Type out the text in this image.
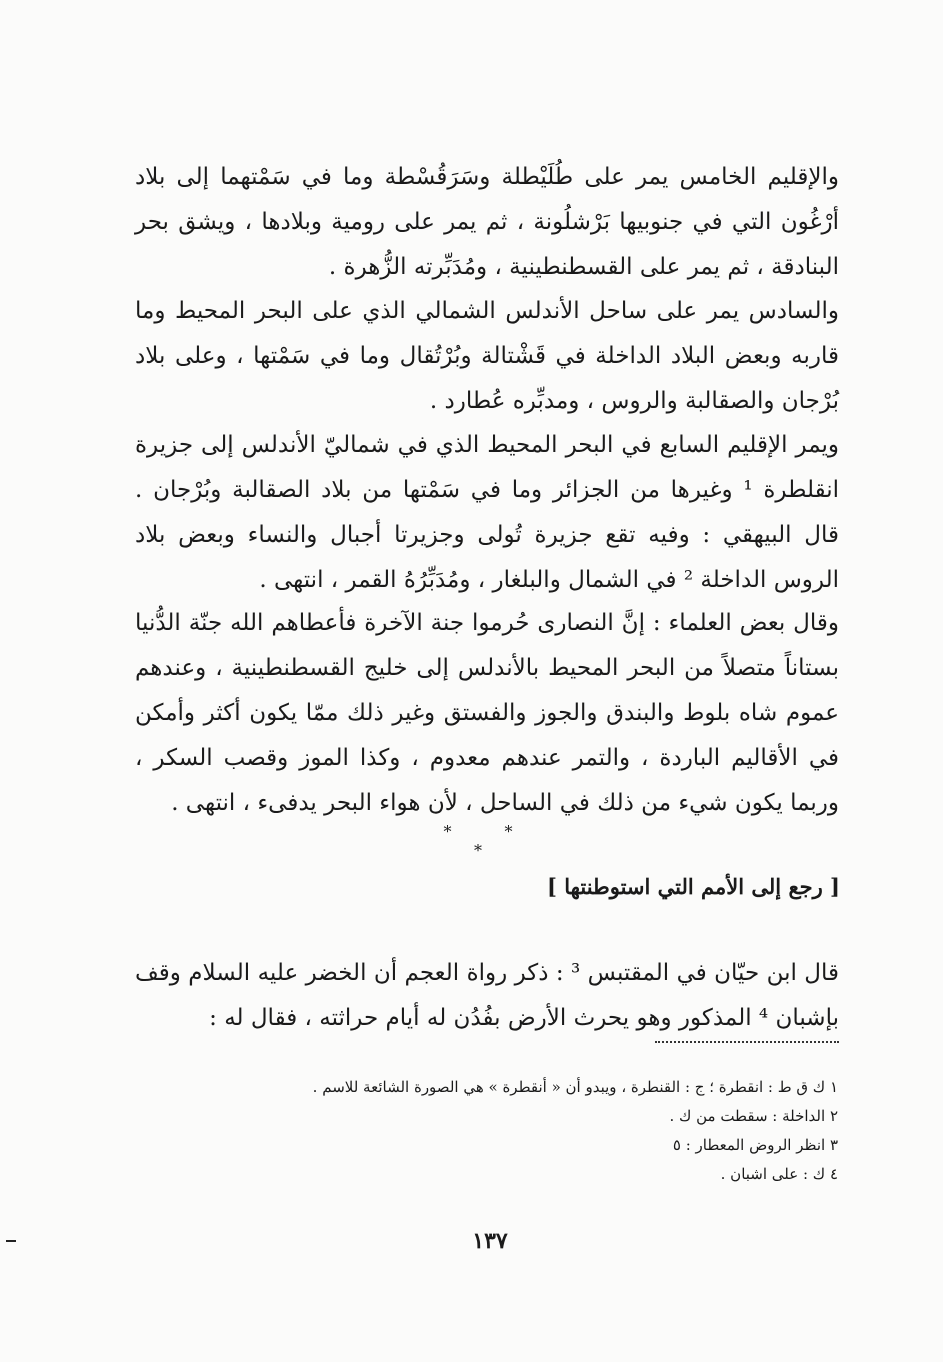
والإقليم الخامس يمر على طُلَيْطلة وسَرَقُسْطة وما في سَمْتهما إلى بلاد أرْغُون التي في جنوبيها بَرْشلُونة ، ثم يمر على رومية وبلادها ، ويشق بحر البنادقة ، ثم يمر على القسطنطينية ، ومُدَبِّرته الزُّهرة .

والسادس يمر على ساحل الأندلس الشمالي الذي على البحر المحيط وما قاربه وبعض البلاد الداخلة في قَشْتالة وبُرْتُقال وما في سَمْتها ، وعلى بلاد بُرْجان والصقالبة والروس ، ومدبِّره عُطارد .

ويمر الإقليم السابع في البحر المحيط الذي في شماليّ الأندلس إلى جزيرة انقلطرة ¹ وغيرها من الجزائر وما في سَمْتها من بلاد الصقالبة وبُرْجان . قال البيهقي : وفيه تقع جزيرة تُولى وجزيرتا أجبال والنساء وبعض بلاد الروس الداخلة ² في الشمال والبلغار ، ومُدَبِّرُهُ القمر ، انتهى .

وقال بعض العلماء : إنَّ النصارى حُرموا جنة الآخرة فأعطاهم الله جنّة الدُّنيا بستاناً متصلاً من البحر المحيط بالأندلس إلى خليج القسطنطينية ، وعندهم عموم شاه بلوط والبندق والجوز والفستق وغير ذلك ممّا يكون أكثر وأمكن في الأقاليم الباردة ، والتمر عندهم معدوم ، وكذا الموز وقصب السكر ، وربما يكون شيء من ذلك في الساحل ، لأن هواء البحر يدفىء ، انتهى .

* * *
[ رجع إلى الأمم التي استوطنتها ]

قال ابن حيّان في المقتبس ³ : ذكر رواة العجم أن الخضر عليه السلام وقف بإشبان ⁴ المذكور وهو يحرث الأرض بفُدُن له أيام حراثته ، فقال له :

١ ك ق ط : انقطرة ؛ ج : القنطرة ، ويبدو أن « أنقطرة » هي الصورة الشائعة للاسم .
٢ الداخلة : سقطت من ك .
٣ انظر الروض المعطار : ٥
٤ ك : على اشبان .
١٣٧
